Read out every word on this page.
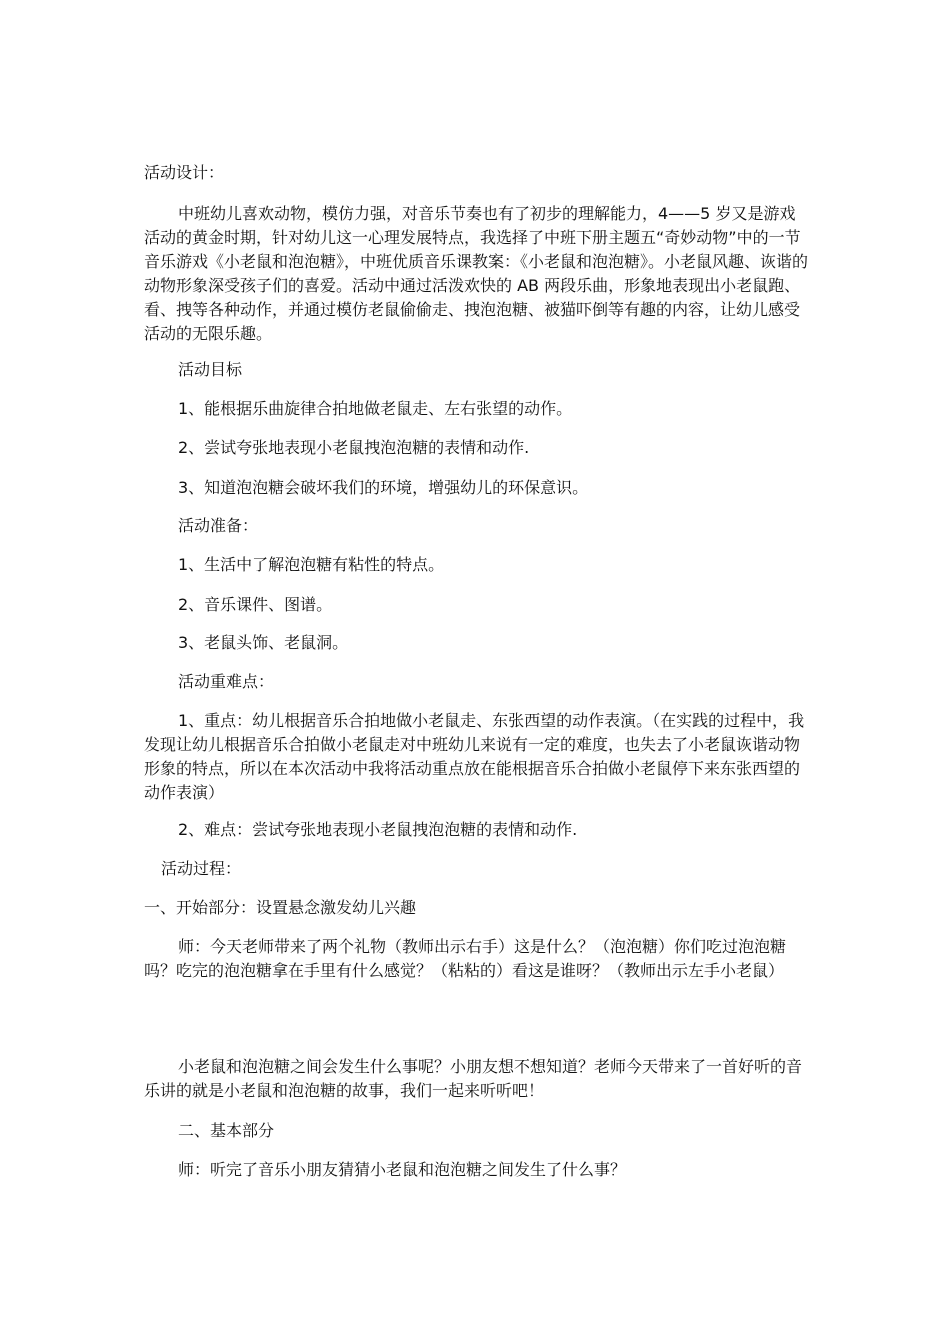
活动设计：

中班幼儿喜欢动物，模仿力强，对音乐节奏也有了初步的理解能力，4——5 岁又是游戏活动的黄金时期，针对幼儿这一心理发展特点，我选择了中班下册主题五“奇妙动物”中的一节音乐游戏《小老鼠和泡泡糖》，中班优质音乐课教案：《小老鼠和泡泡糖》。小老鼠风趣、诙谐的动物形象深受孩子们的喜爱。活动中通过活泼欢快的 AB 两段乐曲，形象地表现出小老鼠跑、看、拽等各种动作，并通过模仿老鼠偷偷走、拽泡泡糖、被猫吓倒等有趣的内容，让幼儿感受活动的无限乐趣。

活动目标

1、能根据乐曲旋律合拍地做老鼠走、左右张望的动作。

2、尝试夸张地表现小老鼠拽泡泡糖的表情和动作.

3、知道泡泡糖会破坏我们的环境，增强幼儿的环保意识。

活动准备：

1、生活中了解泡泡糖有粘性的特点。

2、音乐课件、图谱。

3、老鼠头饰、老鼠洞。

活动重难点：

1、重点：幼儿根据音乐合拍地做小老鼠走、东张西望的动作表演。（在实践的过程中，我发现让幼儿根据音乐合拍做小老鼠走对中班幼儿来说有一定的难度，也失去了小老鼠诙谐动物形象的特点，所以在本次活动中我将活动重点放在能根据音乐合拍做小老鼠停下来东张西望的动作表演）

2、难点：尝试夸张地表现小老鼠拽泡泡糖的表情和动作.

活动过程：

一、开始部分：设置悬念激发幼儿兴趣

师：今天老师带来了两个礼物（教师出示右手）这是什么？（泡泡糖）你们吃过泡泡糖吗？吃完的泡泡糖拿在手里有什么感觉？（粘粘的）看这是谁呀？（教师出示左手小老鼠）

小老鼠和泡泡糖之间会发生什么事呢？小朋友想不想知道？老师今天带来了一首好听的音乐讲的就是小老鼠和泡泡糖的故事，我们一起来听听吧！

二、基本部分

师：听完了音乐小朋友猜猜小老鼠和泡泡糖之间发生了什么事？
